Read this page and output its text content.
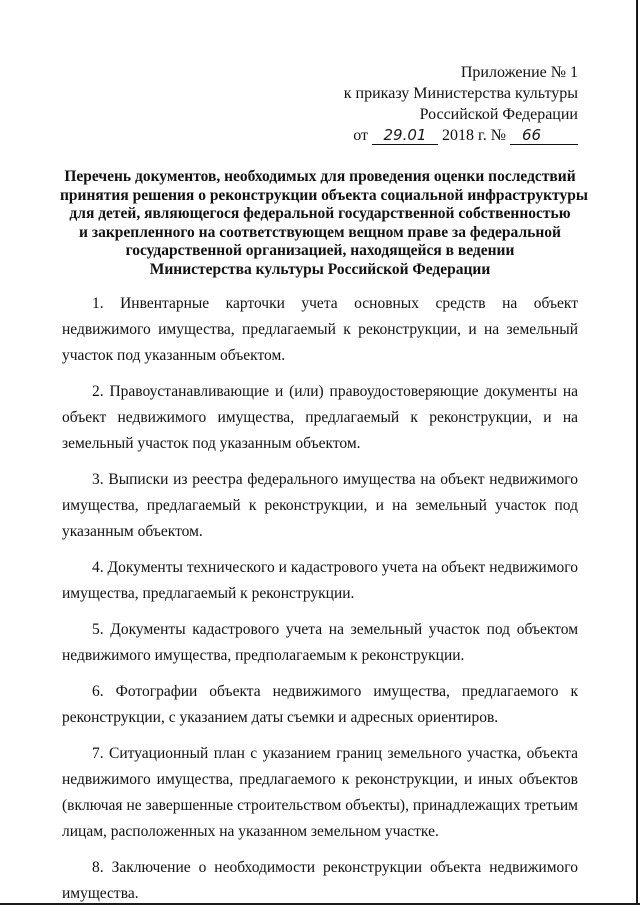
Приложение № 1
к приказу Министерства культуры
Российской Федерации
от 29.01 2018 г. № 66
Перечень документов, необходимых для проведения оценки последствий
принятия решения о реконструкции объекта социальной инфраструктуры
для детей, являющегося федеральной государственной собственностью
и закрепленного на соответствующем вещном праве за федеральной
государственной организацией, находящейся в ведении
Министерства культуры Российской Федерации

1. Инвентарные карточки учета основных средств на объект недвижимого имущества, предлагаемый к реконструкции, и на земельный участок под указанным объектом.

2. Правоустанавливающие и (или) правоудостоверяющие документы на объект недвижимого имущества, предлагаемый к реконструкции, и на земельный участок под указанным объектом.

3. Выписки из реестра федерального имущества на объект недвижимого имущества, предлагаемый к реконструкции, и на земельный участок под указанным объектом.

4. Документы технического и кадастрового учета на объект недвижимого имущества, предлагаемый к реконструкции.

5. Документы кадастрового учета на земельный участок под объектом недвижимого имущества, предполагаемым к реконструкции.

6. Фотографии объекта недвижимого имущества, предлагаемого к реконструкции, с указанием даты съемки и адресных ориентиров.

7. Ситуационный план с указанием границ земельного участка, объекта недвижимого имущества, предлагаемого к реконструкции, и иных объектов (включая не завершенные строительством объекты), принадлежащих третьим лицам, расположенных на указанном земельном участке.

8. Заключение о необходимости реконструкции объекта недвижимого имущества.
